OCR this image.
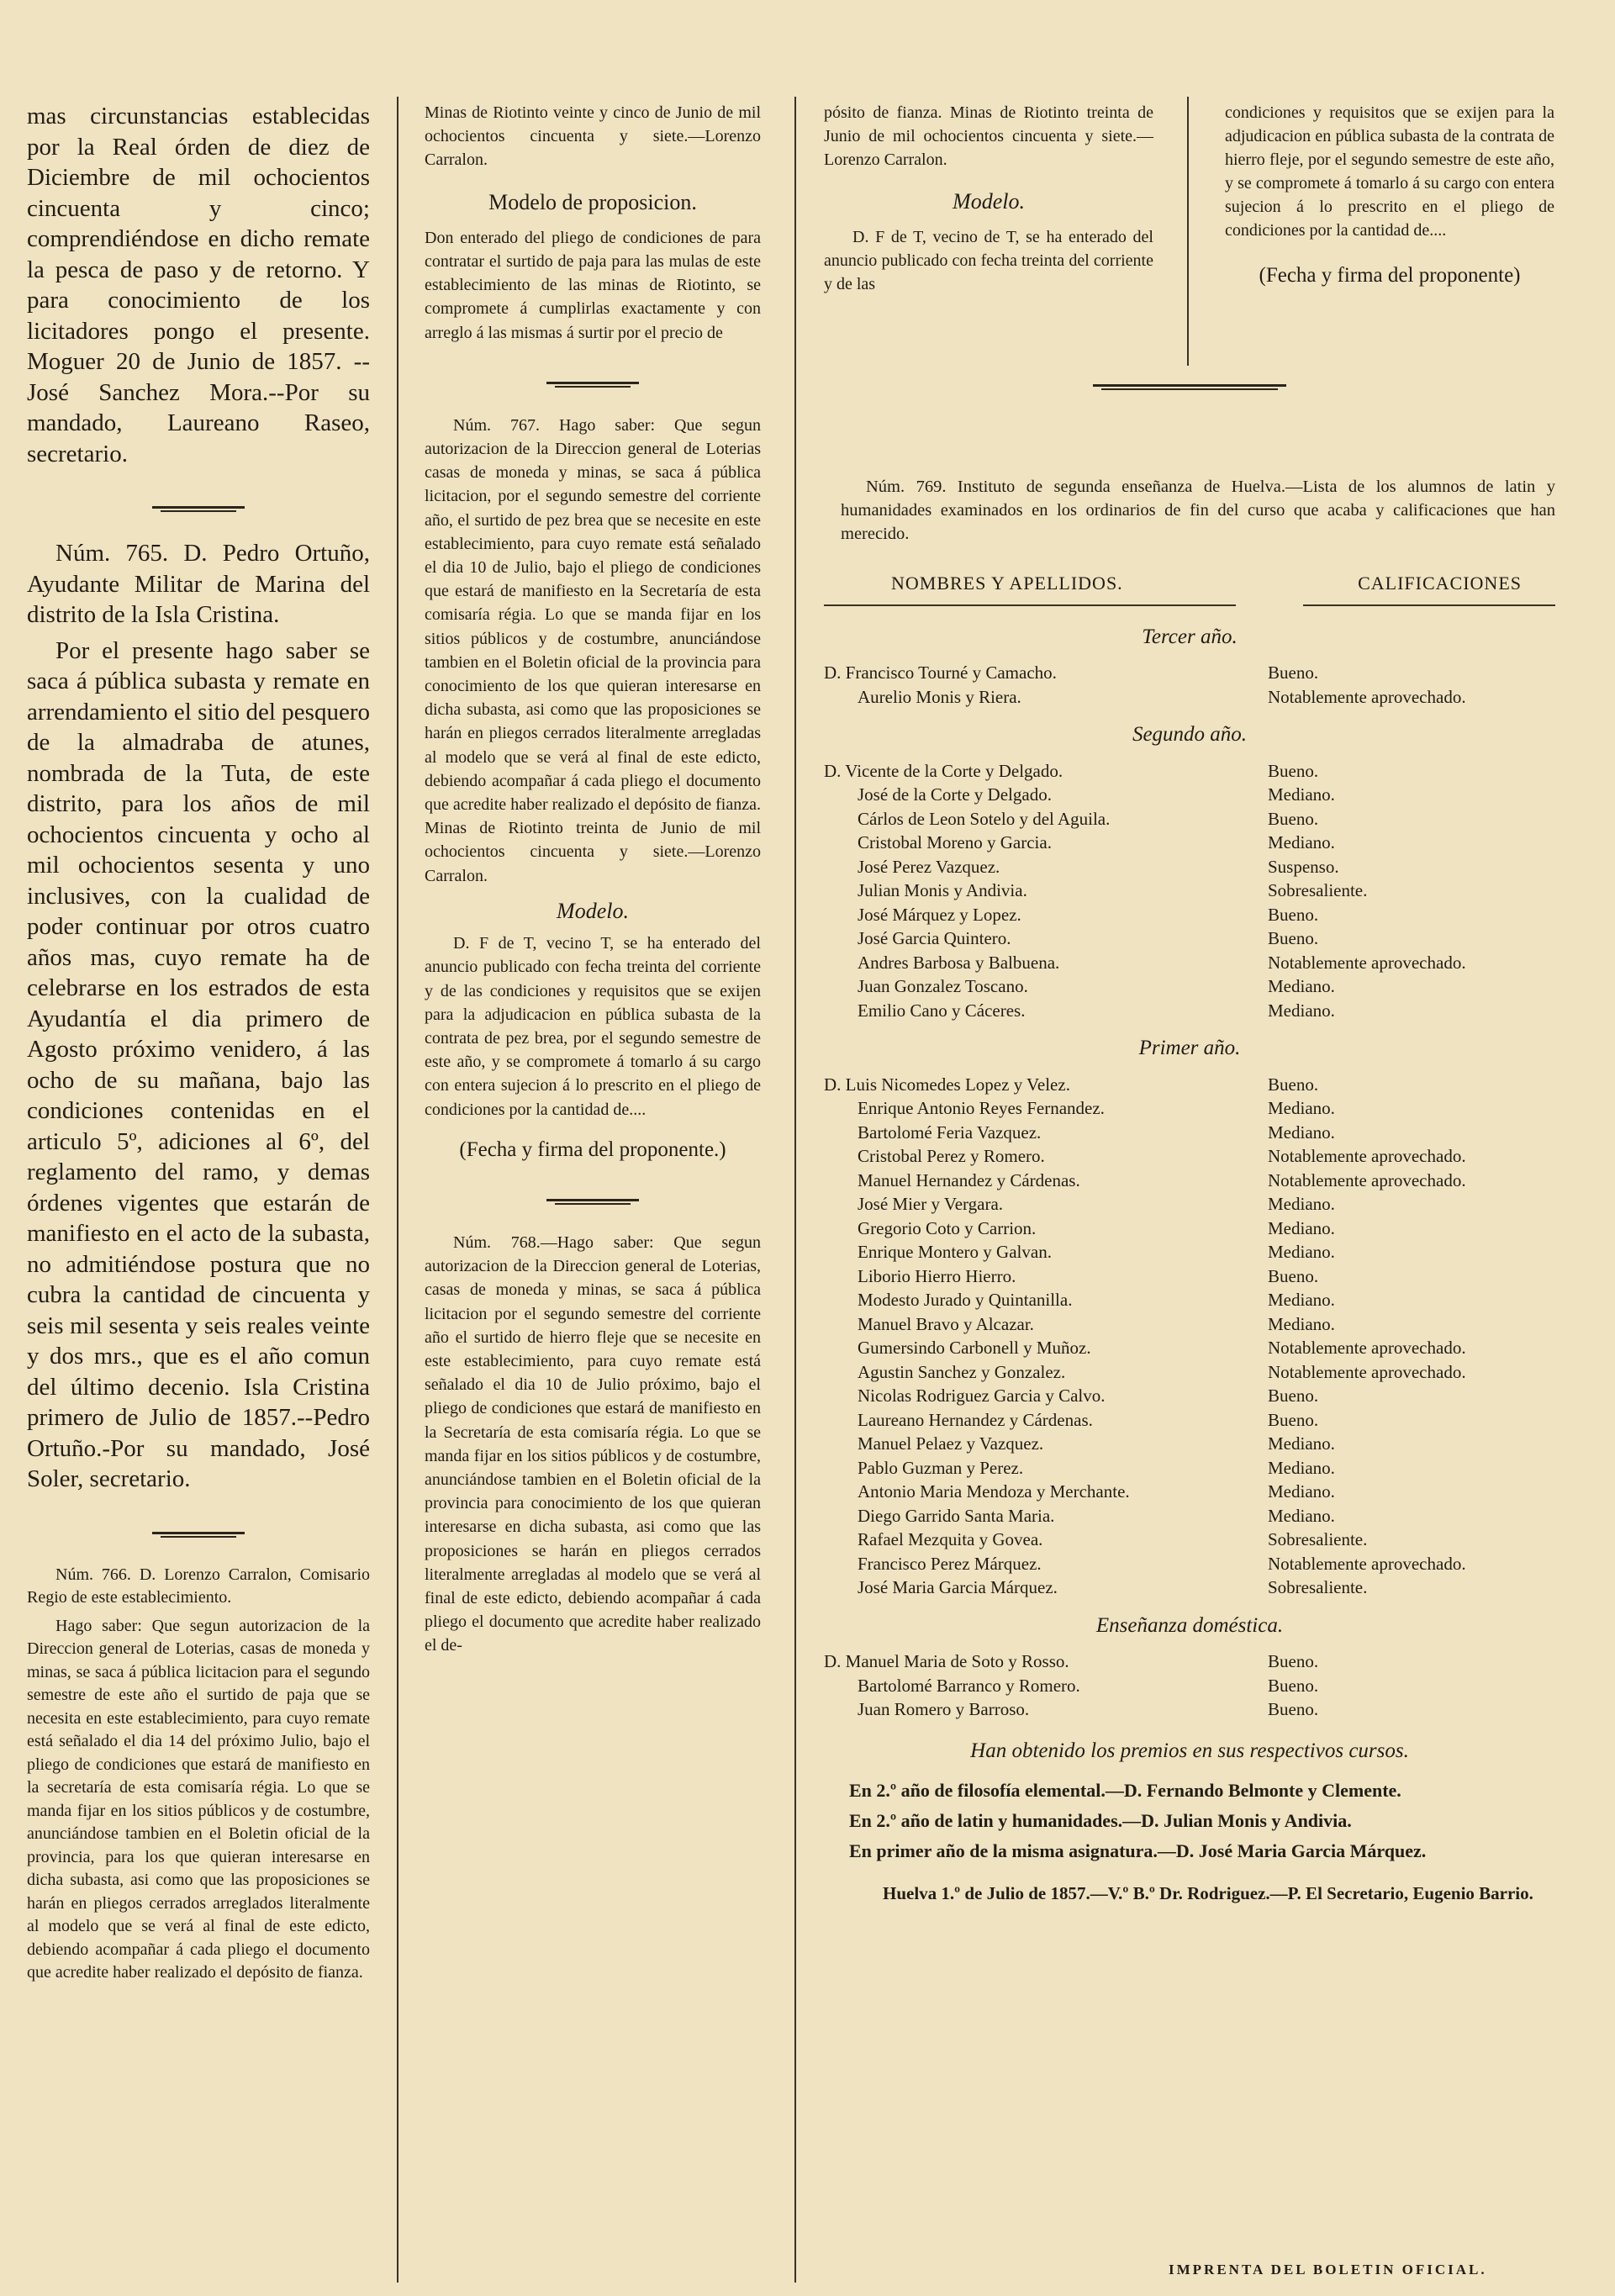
mas circunstancias establecidas por la Real órden de diez de Diciembre de mil ochocientos cincuenta y cinco; comprendiéndose en dicho remate la pesca de paso y de retorno. Y para conocimiento de los licitadores pongo el presente. Moguer 20 de Junio de 1857. --José Sanchez Mora.--Por su mandado, Laureano Raseo, secretario.

Núm. 765. D. Pedro Ortuño, Ayudante Militar de Marina del distrito de la Isla Cristina.

Por el presente hago saber se saca á pública subasta y remate en arrendamiento el sitio del pesquero de la almadraba de atunes, nombrada de la Tuta, de este distrito, para los años de mil ochocientos cincuenta y ocho al mil ochocientos sesenta y uno inclusives, con la cualidad de poder continuar por otros cuatro años mas, cuyo remate ha de celebrarse en los estrados de esta Ayudantía el dia primero de Agosto próximo venidero, á las ocho de su mañana, bajo las condiciones contenidas en el articulo 5º, adiciones al 6º, del reglamento del ramo, y demas órdenes vigentes que estarán de manifiesto en el acto de la subasta, no admitiéndose postura que no cubra la cantidad de cincuenta y seis mil sesenta y seis reales veinte y dos mrs., que es el año comun del último decenio. Isla Cristina primero de Julio de 1857.--Pedro Ortuño.-Por su mandado, José Soler, secretario.

Núm. 766. D. Lorenzo Carralon, Comisario Regio de este establecimiento.

Hago saber: Que segun autorizacion de la Direccion general de Loterias, casas de moneda y minas, se saca á pública licitacion para el segundo semestre de este año el surtido de paja que se necesita en este establecimiento, para cuyo remate está señalado el dia 14 del próximo Julio, bajo el pliego de condiciones que estará de manifiesto en la secretaría de esta comisaría régia. Lo que se manda fijar en los sitios públicos y de costumbre, anunciándose tambien en el Boletin oficial de la provincia, para los que quieran interesarse en dicha subasta, asi como que las proposiciones se harán en pliegos cerrados arreglados literalmente al modelo que se verá al final de este edicto, debiendo acompañar á cada pliego el documento que acredite haber realizado el depósito de fianza.

Minas de Riotinto veinte y cinco de Junio de mil ochocientos cincuenta y siete.—Lorenzo Carralon.

Modelo de proposicion.

Don enterado del pliego de condiciones de para contratar el surtido de paja para las mulas de este establecimiento de las minas de Riotinto, se compromete á cumplirlas exactamente y con arreglo á las mismas á surtir por el precio de

Núm. 767. Hago saber: Que segun autorizacion de la Direccion general de Loterias casas de moneda y minas, se saca á pública licitacion, por el segundo semestre del corriente año, el surtido de pez brea que se necesite en este establecimiento, para cuyo remate está señalado el dia 10 de Julio, bajo el pliego de condiciones que estará de manifiesto en la Secretaría de esta comisaría régia. Lo que se manda fijar en los sitios públicos y de costumbre, anunciándose tambien en el Boletin oficial de la provincia para conocimiento de los que quieran interesarse en dicha subasta, asi como que las proposiciones se harán en pliegos cerrados literalmente arregladas al modelo que se verá al final de este edicto, debiendo acompañar á cada pliego el documento que acredite haber realizado el depósito de fianza. Minas de Riotinto treinta de Junio de mil ochocientos cincuenta y siete.—Lorenzo Carralon.

Modelo.

D. F de T, vecino T, se ha enterado del anuncio publicado con fecha treinta del corriente y de las condiciones y requisitos que se exijen para la adjudicacion en pública subasta de la contrata de pez brea, por el segundo semestre de este año, y se compromete á tomarlo á su cargo con entera sujecion á lo prescrito en el pliego de condiciones por la cantidad de....

(Fecha y firma del proponente.)

Núm. 768.—Hago saber: Que segun autorizacion de la Direccion general de Loterias, casas de moneda y minas, se saca á pública licitacion por el segundo semestre del corriente año el surtido de hierro fleje que se necesite en este establecimiento, para cuyo remate está señalado el dia 10 de Julio próximo, bajo el pliego de condiciones que estará de manifiesto en la Secretaría de esta comisaría régia. Lo que se manda fijar en los sitios públicos y de costumbre, anunciándose tambien en el Boletin oficial de la provincia para conocimiento de los que quieran interesarse en dicha subasta, asi como que las proposiciones se harán en pliegos cerrados literalmente arregladas al modelo que se verá al final de este edicto, debiendo acompañar á cada pliego el documento que acredite haber realizado el de-

pósito de fianza. Minas de Riotinto treinta de Junio de mil ochocientos cincuenta y siete.—Lorenzo Carralon.

Modelo.

D. F de T, vecino de T, se ha enterado del anuncio publicado con fecha treinta del corriente y de las

condiciones y requisitos que se exijen para la adjudicacion en pública subasta de la contrata de hierro fleje, por el segundo semestre de este año, y se compromete á tomarlo á su cargo con entera sujecion á lo prescrito en el pliego de condiciones por la cantidad de....

(Fecha y firma del proponente)

Núm. 769. Instituto de segunda enseñanza de Huelva.—Lista de los alumnos de latin y humanidades examinados en los ordinarios de fin del curso que acaba y calificaciones que han merecido.

NOMBRES Y APELLIDOS.	CALIFICACIONES
Tercer año.
D. Francisco Tourné y Camacho.	Bueno.
Aurelio Monis y Riera.	Notablemente aprovechado.
Segundo año.
D. Vicente de la Corte y Delgado.	Bueno.
José de la Corte y Delgado.	Mediano.
Cárlos de Leon Sotelo y del Aguila.	Bueno.
Cristobal Moreno y Garcia.	Mediano.
José Perez Vazquez.	Suspenso.
Julian Monis y Andivia.	Sobresaliente.
José Márquez y Lopez.	Bueno.
José Garcia Quintero.	Bueno.
Andres Barbosa y Balbuena.	Notablemente aprovechado.
Juan Gonzalez Toscano.	Mediano.
Emilio Cano y Cáceres.	Mediano.
Primer año.
D. Luis Nicomedes Lopez y Velez.	Bueno.
Enrique Antonio Reyes Fernandez.	Mediano.
Bartolomé Feria Vazquez.	Mediano.
Cristobal Perez y Romero.	Notablemente aprovechado.
Manuel Hernandez y Cárdenas.	Notablemente aprovechado.
José Mier y Vergara.	Mediano.
Gregorio Coto y Carrion.	Mediano.
Enrique Montero y Galvan.	Mediano.
Liborio Hierro Hierro.	Bueno.
Modesto Jurado y Quintanilla.	Mediano.
Manuel Bravo y Alcazar.	Mediano.
Gumersindo Carbonell y Muñoz.	Notablemente aprovechado.
Agustin Sanchez y Gonzalez.	Notablemente aprovechado.
Nicolas Rodriguez Garcia y Calvo.	Bueno.
Laureano Hernandez y Cárdenas.	Bueno.
Manuel Pelaez y Vazquez.	Mediano.
Pablo Guzman y Perez.	Mediano.
Antonio Maria Mendoza y Merchante.	Mediano.
Diego Garrido Santa Maria.	Mediano.
Rafael Mezquita y Govea.	Sobresaliente.
Francisco Perez Márquez.	Notablemente aprovechado.
José Maria Garcia Márquez.	Sobresaliente.
Enseñanza doméstica.
D. Manuel Maria de Soto y Rosso.	Bueno.
Bartolomé Barranco y Romero.	Bueno.
Juan Romero y Barroso.	Bueno.

Han obtenido los premios en sus respectivos cursos.

En 2.º año de filosofía elemental.—D. Fernando Belmonte y Clemente.

En 2.º año de latin y humanidades.—D. Julian Monis y Andivia.

En primer año de la misma asignatura.—D. José Maria Garcia Márquez.

Huelva 1.º de Julio de 1857.—V.º B.º Dr. Rodriguez.—P. El Secretario, Eugenio Barrio.

IMPRENTA DEL BOLETIN OFICIAL.
